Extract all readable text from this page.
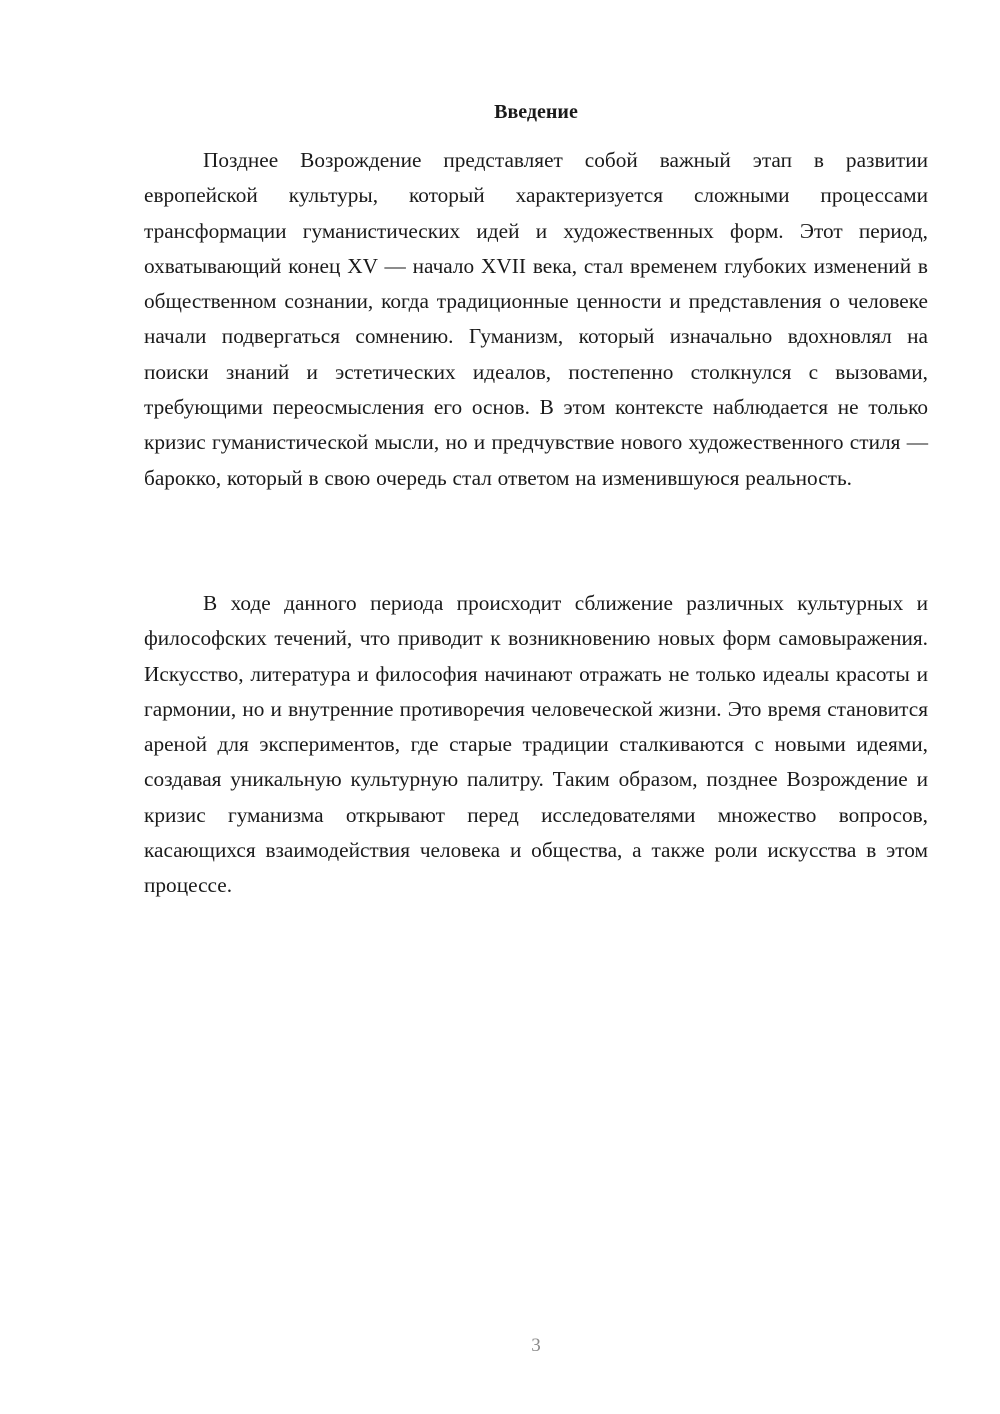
Введение

Позднее Возрождение представляет собой важный этап в развитии европейской культуры, который характеризуется сложными процессами трансформации гуманистических идей и художественных форм. Этот период, охватывающий конец XV — начало XVII века, стал временем глубоких изменений в общественном сознании, когда традиционные ценности и представления о человеке начали подвергаться сомнению. Гуманизм, который изначально вдохновлял на поиски знаний и эстетических идеалов, постепенно столкнулся с вызовами, требующими переосмысления его основ. В этом контексте наблюдается не только кризис гуманистической мысли, но и предчувствие нового художественного стиля — барокко, который в свою очередь стал ответом на изменившуюся реальность.

В ходе данного периода происходит сближение различных культурных и философских течений, что приводит к возникновению новых форм самовыражения. Искусство, литература и философия начинают отражать не только идеалы красоты и гармонии, но и внутренние противоречия человеческой жизни. Это время становится ареной для экспериментов, где старые традиции сталкиваются с новыми идеями, создавая уникальную культурную палитру. Таким образом, позднее Возрождение и кризис гуманизма открывают перед исследователями множество вопросов, касающихся взаимодействия человека и общества, а также роли искусства в этом процессе.

3
